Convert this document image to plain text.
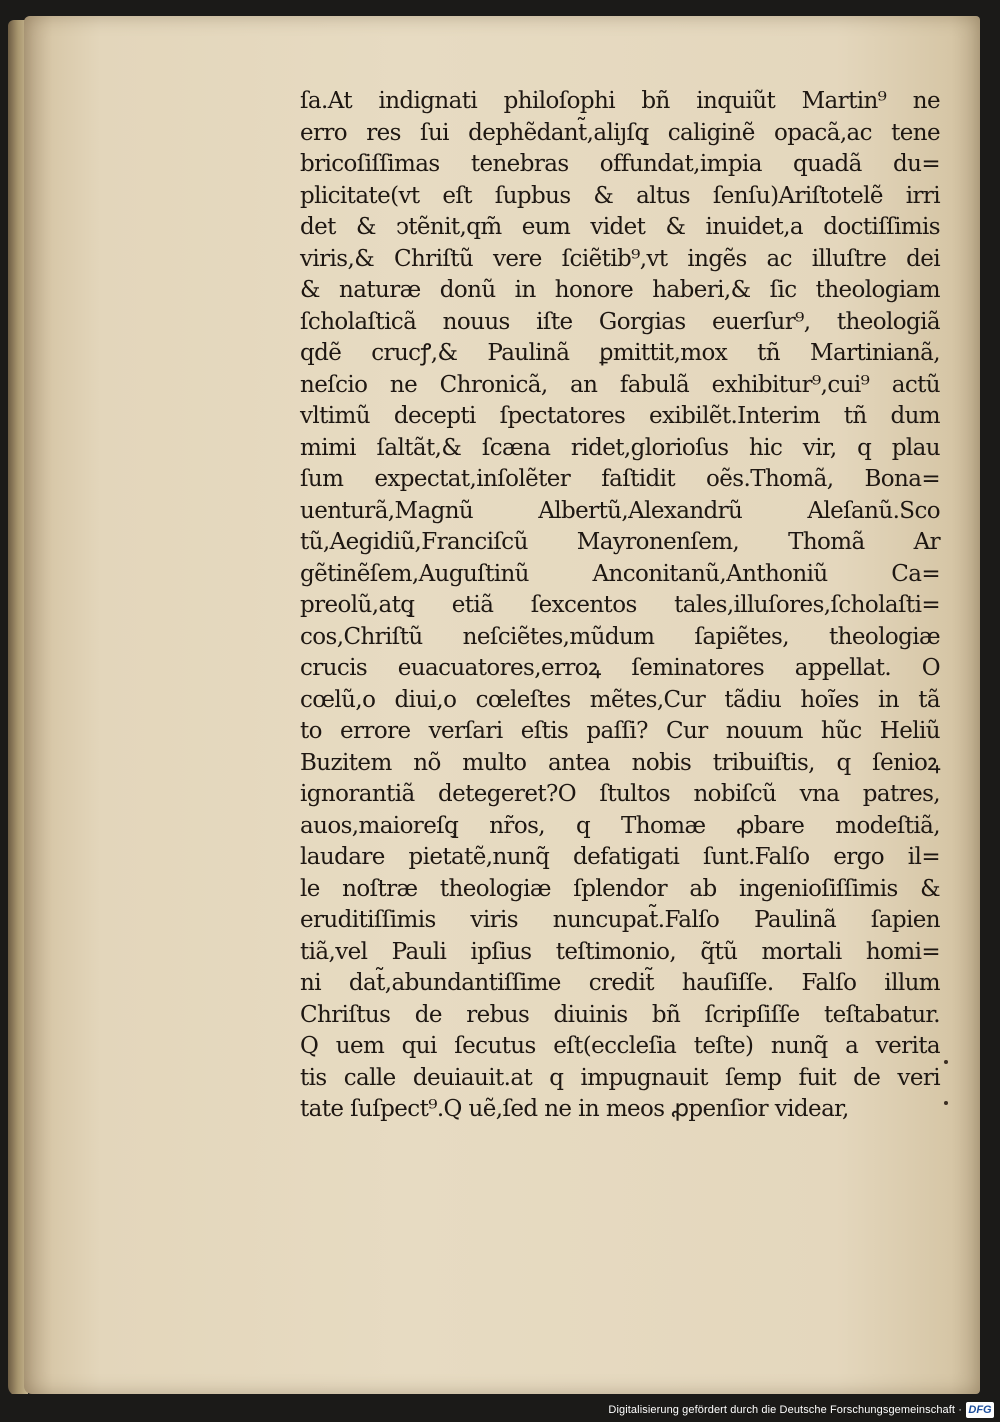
ſa.At indignati philoſophi bñ inquiũt Martin⁹ ne
erro res ſui dephẽdant̃,aliȷſq̧ caliginẽ opacã,ac tene
bricoſiſſimas tenebras offundat,impia quadã du=
plicitate(vt eſt ſupbus & altus ſenſu)Ariſtotelẽ irri
det & ↄtẽnit,qm̃ eum videt & inuidet,a doctiſſimis
viris,& Chriſtũ vere ſciẽtib⁹,vt ingẽs ac illuſtre dei
& naturæ donũ in honore haberi,& ſic theologiam
ſcholaſticã nouus iſte Gorgias euerſur⁹, theologiã
qdẽ crucꝭ,& Paulinã ꝑmittit,mox tñ Martinianã,
neſcio ne Chronicã, an fabulã exhibitur⁹,cui⁹ actũ
vltimũ decepti ſpectatores exibilẽt.Interim tñ dum
mimi ſaltãt,& ſcæna ridet,glorioſus hic vir, q plau
ſum expectat,inſolẽter faſtidit oẽs.Thomã, Bona=
uenturã,Magnũ Albertũ,Alexandrũ Aleſanũ.Sco
tũ,Aegidiũ,Franciſcũ Mayronenſem, Thomã Ar
gẽtinẽſem,Auguſtinũ Anconitanũ,Anthoniũ Ca=
preolũ,atq̧ etiã ſexcentos tales,illuſores,ſcholaſti=
cos,Chriſtũ neſciẽtes,mũdum ſapiẽtes, theologiæ
crucis euacuatores,erroꝝ ſeminatores appellat. O
cœlũ,o diui,o cœleſtes mẽtes,Cur tãdiu hoĩes in tã
to errore verſari eſtis paſſi? Cur nouum hũc Heliũ
Buzitem nõ multo antea nobis tribuiſtis, q ſenioꝝ
ignorantiã detegeret?O ſtultos nobiſcũ vna patres,
auos,maioreſq̧ nr̃os, q Thomæ ꝓbare modeſtiã,
laudare pietatẽ,nunq̃ defatigati ſunt.Falſo ergo il=
le noſtræ theologiæ ſplendor ab ingenioſiſſimis &
eruditiſſimis viris nuncupat̃.Falſo Paulinã ſapien
tiã,vel Pauli ipſius teſtimonio, q̃tũ mortali homi=
ni dat̃,abundantiſſime credit̃ hauſiſſe. Falſo illum
Chriſtus de rebus diuinis bñ ſcripſiſſe teſtabatur.
Q uem qui ſecutus eſt(eccleſia teſte) nunq̃ a verita
tis calle deuiauit.at q impugnauit ſemp fuit de veri
tate ſuſpect⁹.Q uẽ,ſed ne in meos ꝓpenſior videar,
Digitalisierung gefördert durch die Deutsche Forschungsgemeinschaft · DFG
